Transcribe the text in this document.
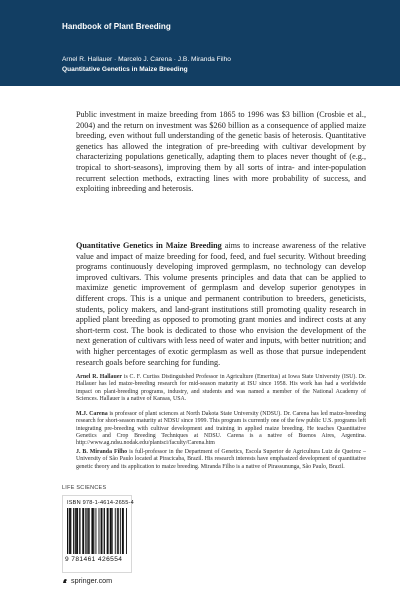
Handbook of Plant Breeding
Arnel R. Hallauer · Marcelo J. Carena · J.B. Miranda Filho
Quantitative Genetics in Maize Breeding

Public investment in maize breeding from 1865 to 1996 was $3 billion (Crosbie et al., 2004) and the return on investment was $260 billion as a consequence of applied maize breeding, even without full understanding of the genetic basis of heterosis. Quantitative genetics has allowed the integration of pre-breeding with cultivar development by characterizing populations genetically, adapting them to places never thought of (e.g., tropical to short-seasons), improving them by all sorts of intra- and inter-population recurrent selection methods, extracting lines with more probability of success, and exploiting inbreeding and heterosis.

Quantitative Genetics in Maize Breeding aims to increase awareness of the relative value and impact of maize breeding for food, feed, and fuel security. Without breeding programs continuously developing improved germplasm, no technology can develop improved cultivars. This volume presents principles and data that can be applied to maximize genetic improvement of germplasm and develop superior genotypes in different crops. This is a unique and permanent contribution to breeders, geneticists, students, policy makers, and land-grant institutions still promoting quality research in applied plant breeding as opposed to promoting grant monies and indirect costs at any short-term cost. The book is dedicated to those who envision the development of the next generation of cultivars with less need of water and inputs, with better nutrition; and with higher percentages of exotic germplasm as well as those that pursue independent research goals before searching for funding.

Arnel R. Hallauer is C. F. Curtiss Distinguished Professor in Agriculture (Emeritus) at Iowa State University (ISU). Dr. Hallauer has led maize-breeding research for mid-season maturity at ISU since 1958. His work has had a worldwide impact on plant-breeding programs, industry, and students and was named a member of the National Academy of Sciences. Hallauer is a native of Kansas, USA.

M.J. Carena is professor of plant sciences at North Dakota State University (NDSU). Dr. Carena has led maize-breeding research for short-season maturity at NDSU since 1999. This program is currently one of the few public U.S. programs left integrating pre-breeding with cultivar development and training in applied maize breeding. He teaches Quantitative Genetics and Crop Breeding Techniques at NDSU. Carena is a native of Buenos Aires, Argentina. http://www.ag.ndsu.nodak.edu/plantsci/faculty/Carena.htm

J. B. Miranda Filho is full-professor in the Department of Genetics, Escola Superior de Agricultura Luiz de Queiroz – University of São Paulo located at Piracicaba, Brazil. His research interests have emphasized development of quantitative genetic theory and its application to maize breeding. Miranda Filho is a native of Pirassununga, São Paulo, Brazil.

LIFE SCIENCES
ISBN 978-1-4614-2655-4
9 781461 426554
springer.com
